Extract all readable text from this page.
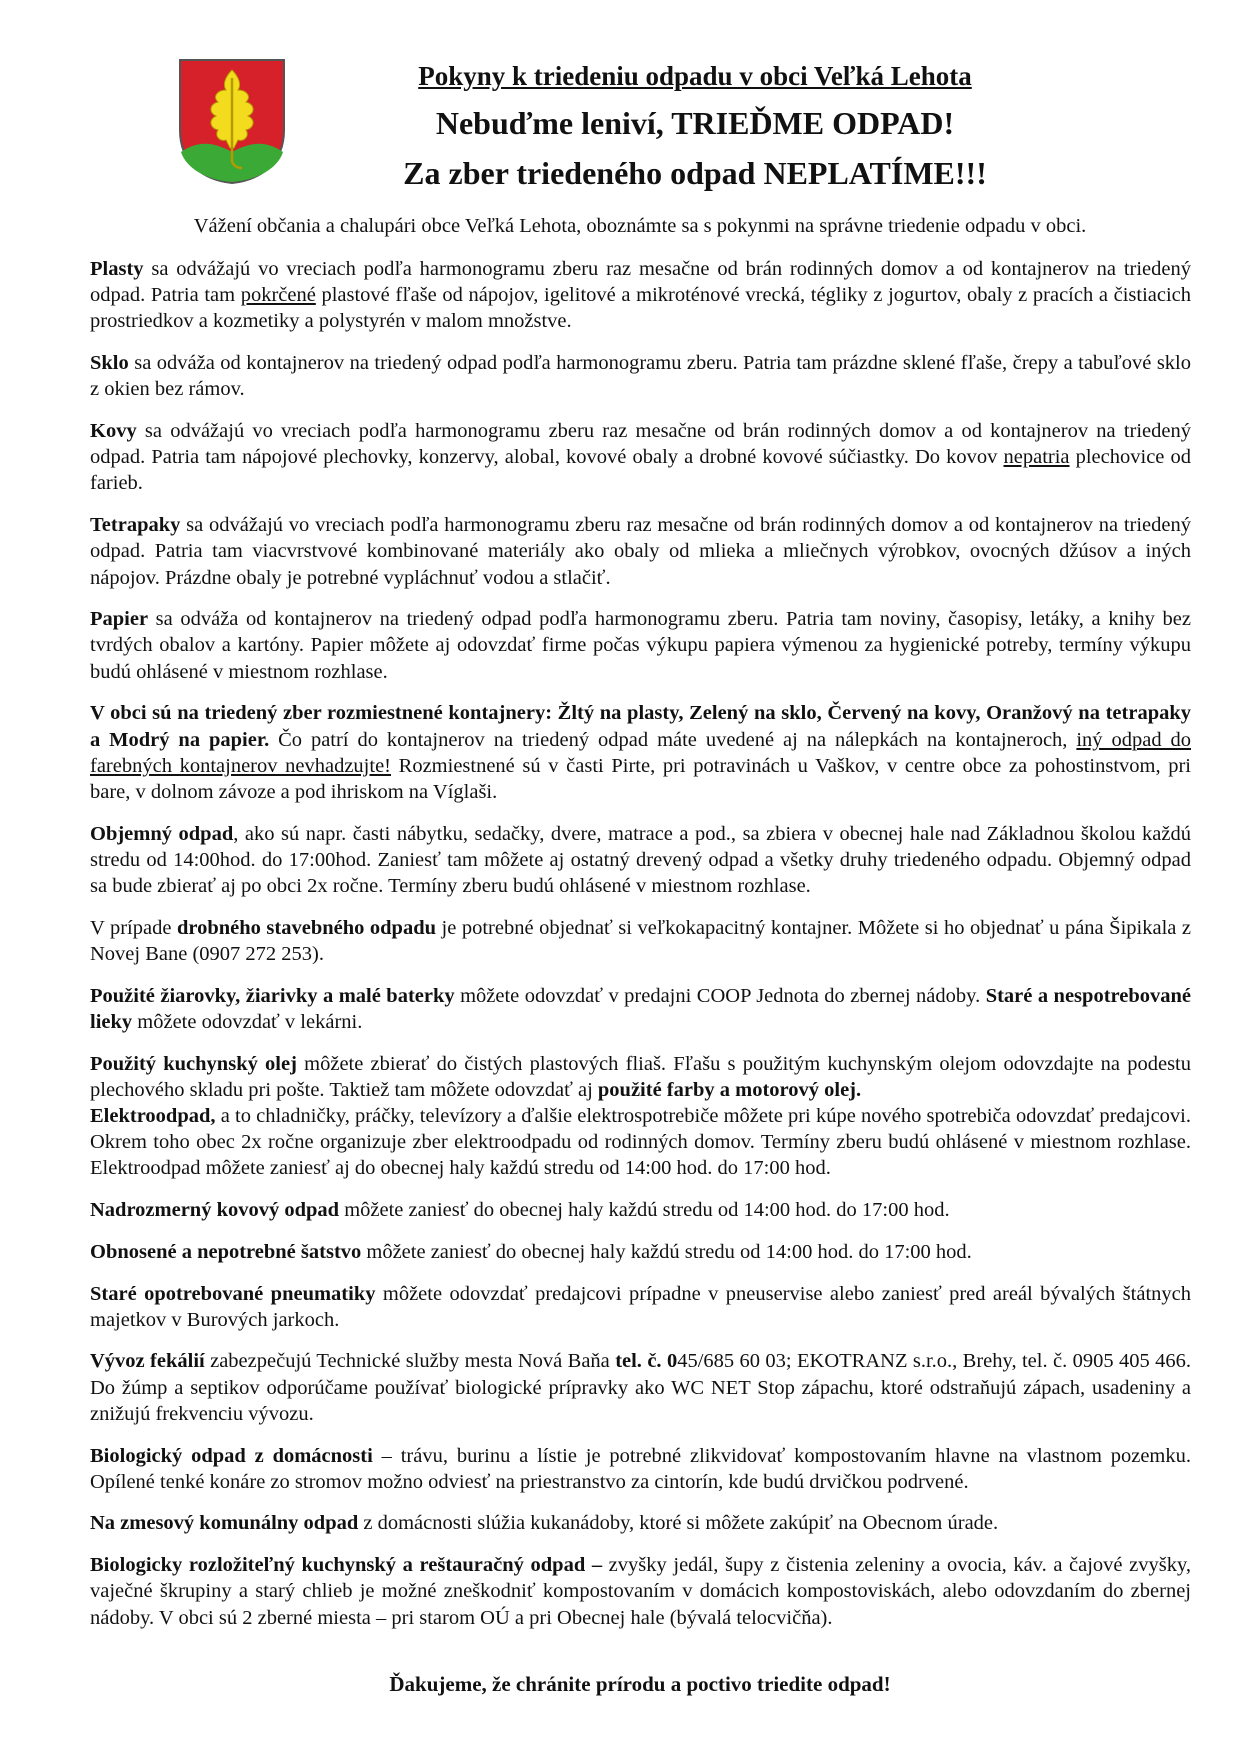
Pokyny k triedeniu odpadu v obci Veľká Lehota
Nebuďme leniví, TRIEĎME ODPAD!
Za zber triedeného odpad NEPLATÍME!!!
Vážení občania a chalupári obce Veľká Lehota, oboznámte sa s pokynmi na správne triedenie odpadu v obci.

Plasty sa odvážajú vo vreciach podľa harmonogramu zberu raz mesačne od brán rodinných domov a od kontajnerov na triedený odpad. Patria tam pokrčené plastové fľaše od nápojov, igelitové a mikroténové vrecká, tégliky z jogurtov, obaly z pracích a čistiacich prostriedkov a kozmetiky a polystyrén v malom množstve.

Sklo sa odváža od kontajnerov na triedený odpad podľa harmonogramu zberu. Patria tam prázdne sklené fľaše, črepy a tabuľové sklo z okien bez rámov.

Kovy sa odvážajú vo vreciach podľa harmonogramu zberu raz mesačne od brán rodinných domov a od kontajnerov na triedený odpad. Patria tam nápojové plechovky, konzervy, alobal, kovové obaly a drobné kovové súčiastky. Do kovov nepatria plechovice od farieb.

Tetrapaky sa odvážajú vo vreciach podľa harmonogramu zberu raz mesačne od brán rodinných domov a od kontajnerov na triedený odpad. Patria tam viacvrstvové kombinované materiály ako obaly od mlieka a mliečnych výrobkov, ovocných džúsov a iných nápojov. Prázdne obaly je potrebné vypláchnuť vodou a stlačiť.

Papier sa odváža od kontajnerov na triedený odpad podľa harmonogramu zberu. Patria tam noviny, časopisy, letáky, a knihy bez tvrdých obalov a kartóny. Papier môžete aj odovzdať firme počas výkupu papiera výmenou za hygienické potreby, termíny výkupu budú ohlásené v miestnom rozhlase.

V obci sú na triedený zber rozmiestnené kontajnery: Žltý na plasty, Zelený na sklo, Červený na kovy, Oranžový na tetrapaky a Modrý na papier. Čo patrí do kontajnerov na triedený odpad máte uvedené aj na nálepkách na kontajneroch, iný odpad do farebných kontajnerov nevhadzujte! Rozmiestnené sú v časti Pirte, pri potravinách u Vaškov, v centre obce za pohostinstvom, pri bare, v dolnom závoze a pod ihriskom na Víglaši.

Objemný odpad, ako sú napr. časti nábytku, sedačky, dvere, matrace a pod., sa zbiera v obecnej hale nad Základnou školou každú stredu od 14:00hod. do 17:00hod. Zaniesť tam môžete aj ostatný drevený odpad a všetky druhy triedeného odpadu. Objemný odpad sa bude zbierať aj po obci 2x ročne. Termíny zberu budú ohlásené v miestnom rozhlase.

V prípade drobného stavebného odpadu je potrebné objednať si veľkokapacitný kontajner. Môžete si ho objednať u pána Šipikala z Novej Bane (0907 272 253).

Použité žiarovky, žiarivky a malé baterky môžete odovzdať v predajni COOP Jednota do zbernej nádoby. Staré a nespotrebované lieky môžete odovzdať v lekárni.

Použitý kuchynský olej môžete zbierať do čistých plastových fliaš. Fľašu s použitým kuchynským olejom odovzdajte na podestu plechového skladu pri pošte. Taktiež tam môžete odovzdať aj použité farby a motorový olej.

Elektroodpad, a to chladničky, práčky, televízory a ďalšie elektrospotrebiče môžete pri kúpe nového spotrebiča odovzdať predajcovi. Okrem toho obec 2x ročne organizuje zber elektroodpadu od rodinných domov. Termíny zberu budú ohlásené v miestnom rozhlase. Elektroodpad môžete zaniesť aj do obecnej haly každú stredu od 14:00 hod. do 17:00 hod.

Nadrozmerný kovový odpad môžete zaniesť do obecnej haly každú stredu od 14:00 hod. do 17:00 hod.

Obnosené a nepotrebné šatstvo môžete zaniesť do obecnej haly každú stredu od 14:00 hod. do 17:00 hod.

Staré opotrebované pneumatiky môžete odovzdať predajcovi prípadne v pneuservise alebo zaniesť pred areál bývalých štátnych majetkov v Burových jarkoch.

Vývoz fekálií zabezpečujú Technické služby mesta Nová Baňa tel. č. 045/685 60 03; EKOTRANZ s.r.o., Brehy, tel. č. 0905 405 466. Do žúmp a septikov odporúčame používať biologické prípravky ako WC NET Stop zápachu, ktoré odstraňujú zápach, usadeniny a znižujú frekvenciu vývozu.

Biologický odpad z domácnosti – trávu, burinu a lístie je potrebné zlikvidovať kompostovaním hlavne na vlastnom pozemku. Opílené tenké konáre zo stromov možno odviesť na priestranstvo za cintorín, kde budú drvičkou podrvené.

Na zmesový komunálny odpad z domácnosti slúžia kukanádoby, ktoré si môžete zakúpiť na Obecnom úrade.

Biologicky rozložiteľný kuchynský a reštauračný odpad – zvyšky jedál, šupy z čistenia zeleniny a ovocia, káv. a čajové zvyšky, vaječné škrupiny a starý chlieb je možné zneškodniť kompostovaním v domácich kompostoviskách, alebo odovzdaním do zbernej nádoby. V obci sú 2 zberné miesta – pri starom OÚ a pri Obecnej hale (bývalá telocvičňa).

Ďakujeme, že chránite prírodu a poctivo triedite odpad!
